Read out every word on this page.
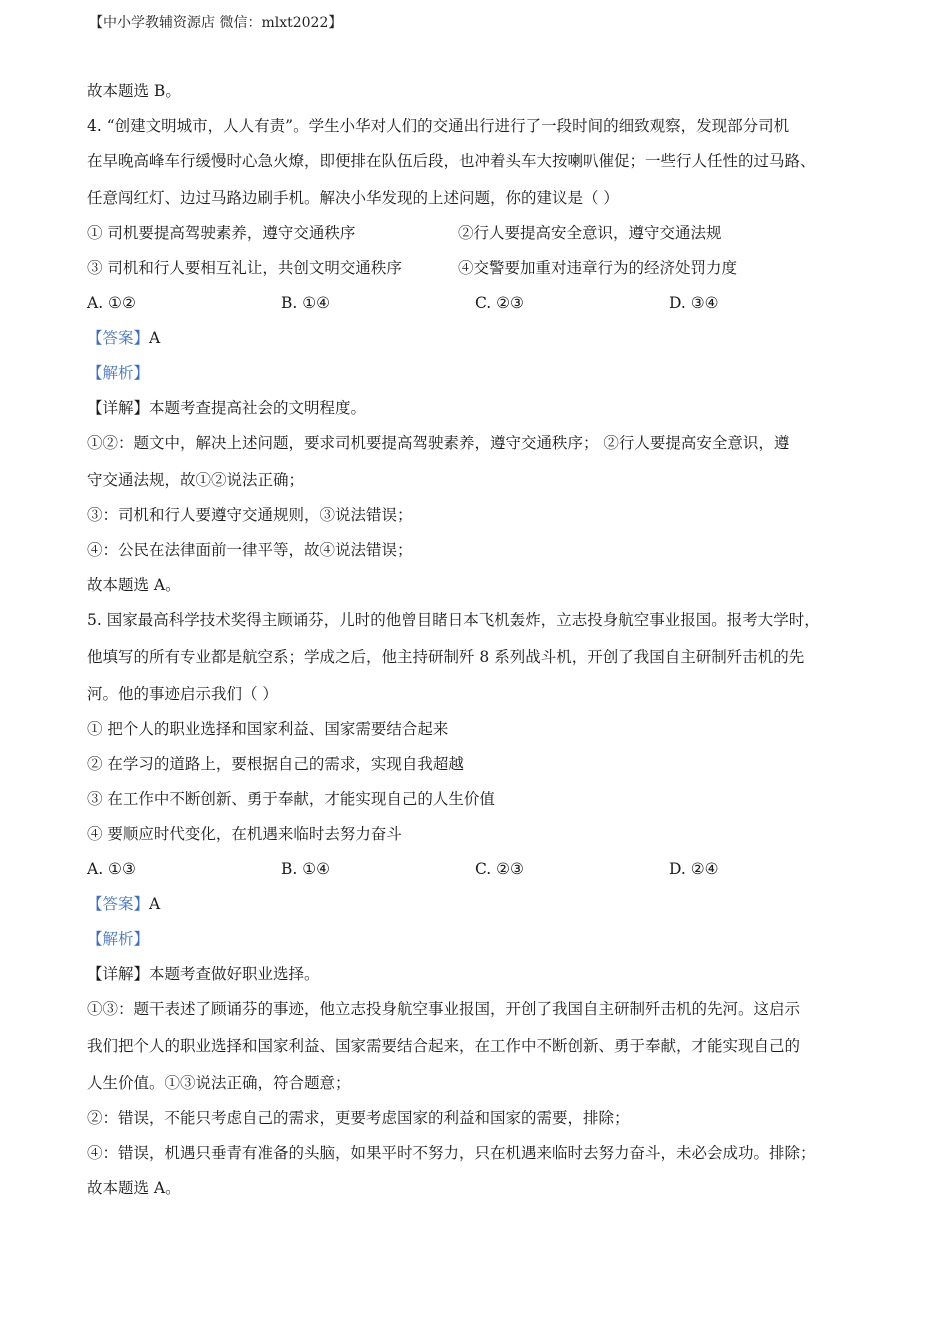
【中小学教辅资源店 微信：mlxt2022】
故本题选 B。
4. “创建文明城市，人人有责”。学生小华对人们的交通出行进行了一段时间的细致观察，发现部分司机
在早晚高峰车行缓慢时心急火燎，即便排在队伍后段，也冲着头车大按喇叭催促；一些行人任性的过马路、
任意闯红灯、边过马路边刷手机。解决小华发现的上述问题，你的建议是（ ）
① 司机要提高驾驶素养，遵守交通秩序	②行人要提高安全意识，遵守交通法规
③ 司机和行人要相互礼让，共创文明交通秩序	④交警要加重对违章行为的经济处罚力度
A. ①②	B. ①④	C. ②③	D. ③④
【答案】A
【解析】
【详解】本题考查提高社会的文明程度。
①②：题文中，解决上述问题，要求司机要提高驾驶素养，遵守交通秩序； ②行人要提高安全意识，遵
守交通法规，故①②说法正确；
③：司机和行人要遵守交通规则，③说法错误；
④：公民在法律面前一律平等，故④说法错误；
故本题选 A。
5. 国家最高科学技术奖得主顾诵芬，儿时的他曾目睹日本飞机轰炸，立志投身航空事业报国。报考大学时，
他填写的所有专业都是航空系；学成之后，他主持研制歼 8 系列战斗机，开创了我国自主研制歼击机的先
河。他的事迹启示我们（ ）
① 把个人的职业选择和国家利益、国家需要结合起来
② 在学习的道路上，要根据自己的需求，实现自我超越
③ 在工作中不断创新、勇于奉献，才能实现自己的人生价值
④ 要顺应时代变化，在机遇来临时去努力奋斗
A. ①③	B. ①④	C. ②③	D. ②④
【答案】A
【解析】
【详解】本题考查做好职业选择。
①③：题干表述了顾诵芬的事迹，他立志投身航空事业报国，开创了我国自主研制歼击机的先河。这启示
我们把个人的职业选择和国家利益、国家需要结合起来，在工作中不断创新、勇于奉献，才能实现自己的
人生价值。①③说法正确，符合题意；
②：错误，不能只考虑自己的需求，更要考虑国家的利益和国家的需要，排除；
④：错误，机遇只垂青有准备的头脑，如果平时不努力，只在机遇来临时去努力奋斗，未必会成功。排除；
故本题选 A。
